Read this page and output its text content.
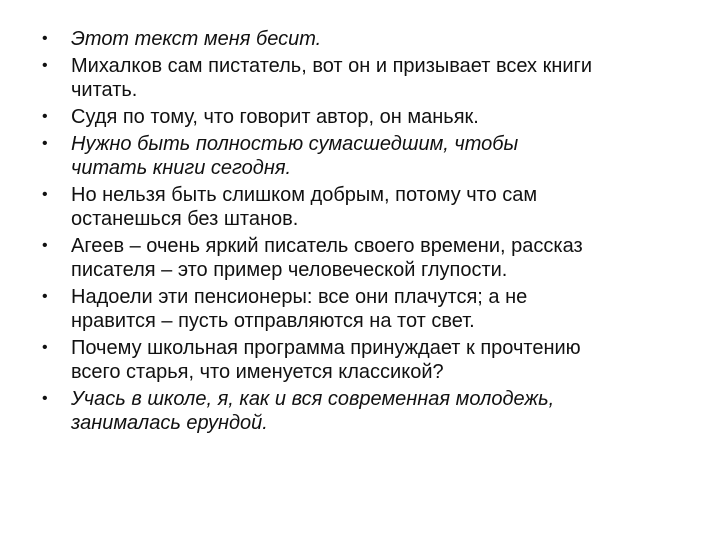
•	Этот текст меня бесит.
•	Михалков сам пистатель, вот он и призывает всех книги
читать.
•	Судя по тому, что говорит автор, он маньяк.
•	Нужно быть полностью сумасшедшим, чтобы
читать книги сегодня.
•	Но нельзя быть слишком добрым, потому что сам
останешься без штанов.
•	Агеев – очень яркий писатель своего времени, рассказ
писателя – это пример человеческой глупости.
•	Надоели эти пенсионеры: все они плачутся; а не
нравится – пусть отправляются на тот свет.
•	Почему школьная программа принуждает к прочтению
всего старья, что именуется классикой?
•	Учась в школе, я, как и вся современная молодежь,
занималась ерундой.
